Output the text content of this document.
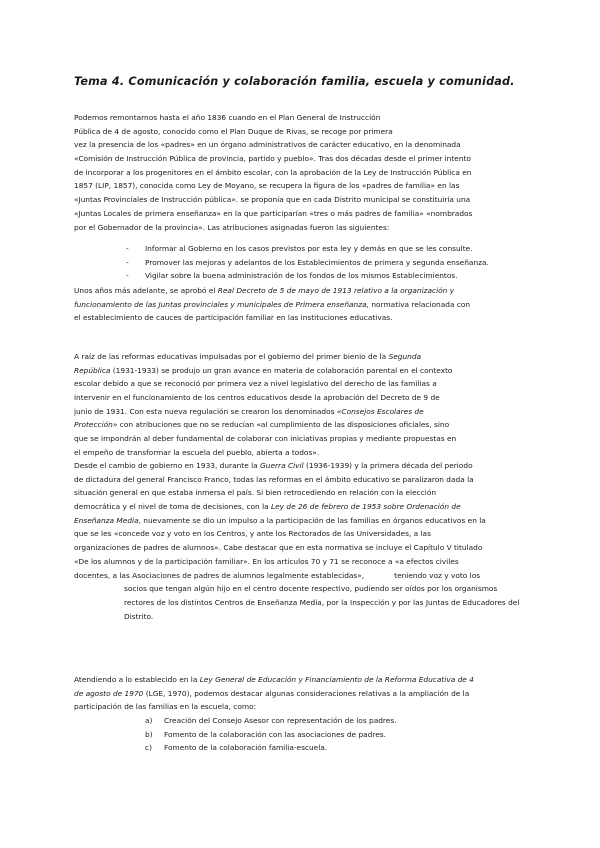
Tema 4. Comunicación y colaboración familia, escuela y comunidad.
Podemos remontarnos hasta el año 1836 cuando en el Plan General de Instrucción
Pública de 4 de agosto, conocido como el Plan Duque de Rivas, se recoge por primera
vez la presencia de los «padres» en un órgano administrativos de carácter educativo, en la denominada
«Comisión de Instrucción Pública de provincia, partido y pueblo». Tras dos décadas desde el primer intento
de incorporar a los progenitores en el ámbito escolar, con la aprobación de la Ley de Instrucción Pública en
1857 (LIP, 1857), conocida como Ley de Moyano, se recupera la figura de los «padres de familia» en las
«Juntas Provinciales de Instrucción pública». se proponía que en cada Distrito municipal se constituiría una
«Juntas Locales de primera enseñanza» en la que participarían «tres o más padres de familia» «nombrados
por el Gobernador de la provincia». Las atribuciones asignadas fueron las siguientes:
- Informar al Gobierno en los casos previstos por esta ley y demás en que se les consulte.
- Promover las mejoras y adelantos de los Establecimientos de primera y segunda enseñanza.
- Vigilar sobre la buena administración de los fondos de los mismos Establecimientos.
Unos años más adelante, se aprobó el Real Decreto de 5 de mayo de 1913 relativo a la organización y
funcionamiento de las Juntas provinciales y municipales de Primera enseñanza, normativa relacionada con
el establecimiento de cauces de participación familiar en las instituciones educativas.
A raíz de las reformas educativas impulsadas por el gobierno del primer bienio de la Segunda
República (1931-1933) se produjo un gran avance en materia de colaboración parental en el contexto
escolar debido a que se reconoció por primera vez a nivel legislativo del derecho de las familias a
intervenir en el funcionamiento de los centros educativos desde la aprobación del Decreto de 9 de
junio de 1931. Con esta nueva regulación se crearon los denominados «Consejos Escolares de
Protección» con atribuciones que no se reducían «al cumplimiento de las disposiciones oficiales, sino
que se impondrán al deber fundamental de colaborar con iniciativas propias y mediante propuestas en
el empeño de transformar la escuela del pueblo, abierta a todos».
Desde el cambio de gobierno en 1933, durante la Guerra Civil (1936-1939) y la primera década del periodo
de dictadura del general Francisco Franco, todas las reformas en el ámbito educativo se paralizaron dada la
situación general en que estaba inmersa el país. Si bien retrocediendo en relación con la elección
democrática y el nivel de toma de decisiones, con la Ley de 26 de febrero de 1953 sobre Ordenación de
Enseñanza Media, nuevamente se dio un impulso a la participación de las familias en órganos educativos en la
que se les «concede voz y voto en los Centros, y ante los Rectorados de las Universidades, a las
organizaciones de padres de alumnos». Cabe destacar que en esta normativa se incluye el Capítulo V titulado
«De los alumnos y de la participación familiar». En los artículos 70 y 71 se reconoce a «a efectos civiles
docentes, a las Asociaciones de padres de alumnos legalmente establecidas»,	teniendo voz y voto los
socios que tengan algún hijo en el centro docente respectivo, pudiendo ser oídos por los organismos
rectores de los distintos Centros de Enseñanza Media, por la Inspección y por las Juntas de Educadores del
Distrito.
Atendiendo a lo establecido en la Ley General de Educación y Financiamiento de la Reforma Educativa de 4
de agosto de 1970 (LGE, 1970), podemos destacar algunas consideraciones relativas a la ampliación de la
participación de las familias en la escuela, como:
a) Creación del Consejo Asesor con representación de los padres.
b) Fomento de la colaboración con las asociaciones de padres.
c) Fomento de la colaboración familia-escuela.
